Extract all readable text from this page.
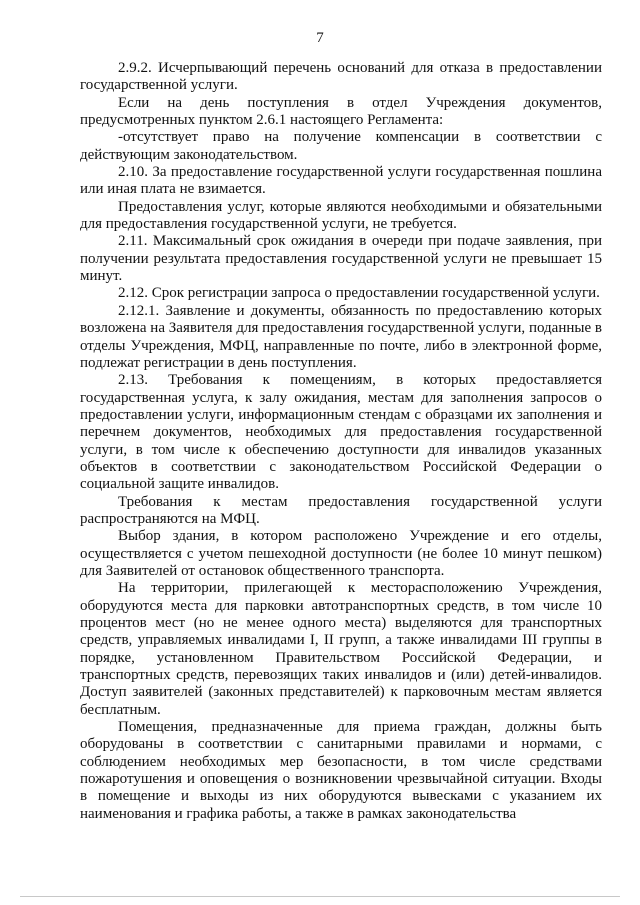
7

2.9.2. Исчерпывающий перечень оснований для отказа в предоставлении государственной услуги.

Если на день поступления в отдел Учреждения документов, предусмотренных пунктом 2.6.1 настоящего Регламента:

-отсутствует право на получение компенсации в соответствии с действующим законодательством.

2.10. За предоставление государственной услуги государственная пошлина или иная плата не взимается.

Предоставления услуг, которые являются необходимыми и обязательными для предоставления государственной услуги, не требуется.

2.11. Максимальный срок ожидания в очереди при подаче заявления, при получении результата предоставления государственной услуги не превышает 15 минут.

2.12. Срок регистрации запроса о предоставлении государственной услуги.

2.12.1. Заявление и документы, обязанность по предоставлению которых возложена на Заявителя для предоставления государственной услуги, поданные в отделы Учреждения, МФЦ, направленные по почте, либо в электронной форме, подлежат регистрации в день поступления.

2.13. Требования к помещениям, в которых предоставляется государственная услуга, к залу ожидания, местам для заполнения запросов о предоставлении услуги, информационным стендам с образцами их заполнения и перечнем документов, необходимых для предоставления государственной услуги, в том числе к обеспечению доступности для инвалидов указанных объектов в соответствии с законодательством Российской Федерации о социальной защите инвалидов.

Требования к местам предоставления государственной услуги распространяются на МФЦ.

Выбор здания, в котором расположено Учреждение и его отделы, осуществляется с учетом пешеходной доступности (не более 10 минут пешком) для Заявителей от остановок общественного транспорта.

На территории, прилегающей к месторасположению Учреждения, оборудуются места для парковки автотранспортных средств, в том числе 10 процентов мест (но не менее одного места) выделяются для транспортных средств, управляемых инвалидами I, II групп, а также инвалидами III группы в порядке, установленном Правительством Российской Федерации, и транспортных средств, перевозящих таких инвалидов и (или) детей-инвалидов. Доступ заявителей (законных представителей) к парковочным местам является бесплатным.

Помещения, предназначенные для приема граждан, должны быть оборудованы в соответствии с санитарными правилами и нормами, с соблюдением необходимых мер безопасности, в том числе средствами пожаротушения и оповещения о возникновении чрезвычайной ситуации. Входы в помещение и выходы из них оборудуются вывесками с указанием их наименования и графика работы, а также в рамках законодательства
